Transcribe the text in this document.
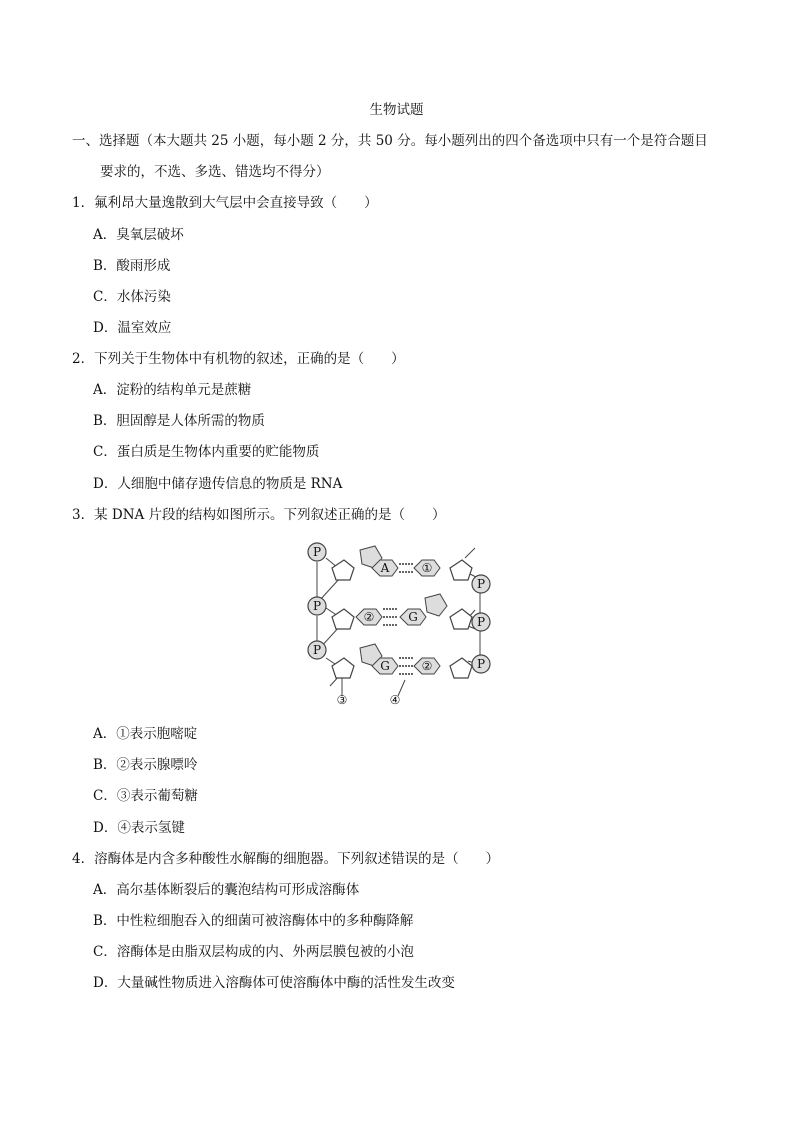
生物试题
一、选择题（本大题共 25 小题，每小题 2 分，共 50 分。每小题列出的四个备选项中只有一个是符合题目
要求的，不选、多选、错选均不得分）
1．氟利昂大量逸散到大气层中会直接导致（　　）
A．臭氧层破坏
B．酸雨形成
C．水体污染
D．温室效应
2．下列关于生物体中有机物的叙述，正确的是（　　）
A．淀粉的结构单元是蔗糖
B．胆固醇是人体所需的物质
C．蛋白质是生物体内重要的贮能物质
D．人细胞中储存遗传信息的物质是 RNA
3．某 DNA 片段的结构如图所示。下列叙述正确的是（　　）
P
P
P
P
P
P
A	①
②	G
G	②
③	④
A．①表示胞嘧啶
B．②表示腺嘌呤
C．③表示葡萄糖
D．④表示氢键
4．溶酶体是内含多种酸性水解酶的细胞器。下列叙述错误的是（　　）
A．高尔基体断裂后的囊泡结构可形成溶酶体
B．中性粒细胞吞入的细菌可被溶酶体中的多种酶降解
C．溶酶体是由脂双层构成的内、外两层膜包被的小泡
D．大量碱性物质进入溶酶体可使溶酶体中酶的活性发生改变
